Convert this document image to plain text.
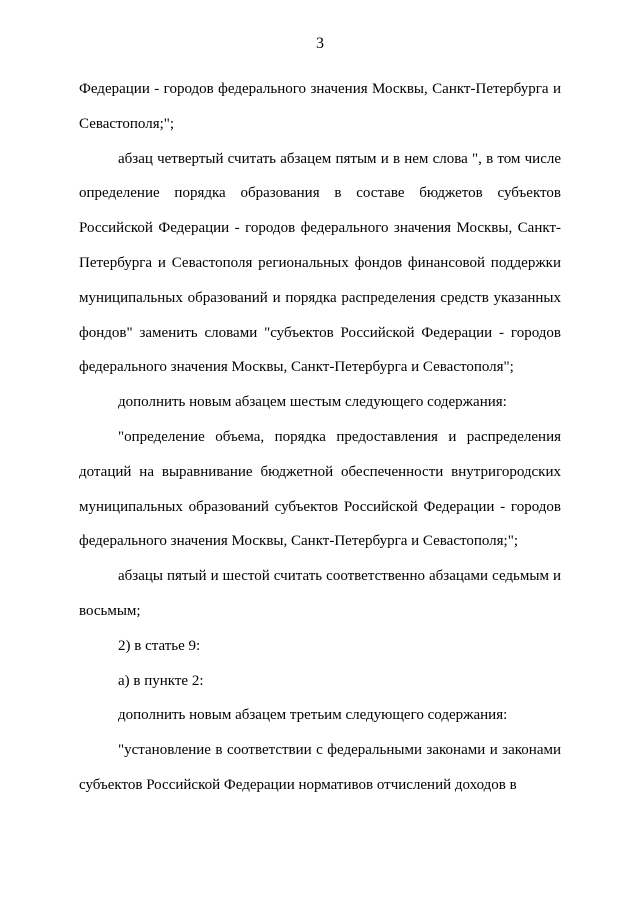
3

Федерации - городов федерального значения Москвы, Санкт-Петербурга и Севастополя;";

абзац четвертый считать абзацем пятым и в нем слова ", в том числе определение порядка образования в составе бюджетов субъектов Российской Федерации - городов федерального значения Москвы, Санкт-Петербурга и Севастополя региональных фондов финансовой поддержки муниципальных образований и порядка распределения средств указанных фондов" заменить словами "субъектов Российской Федерации - городов федерального значения Москвы, Санкт-Петербурга и Севастополя";

дополнить новым абзацем шестым следующего содержания:

"определение объема, порядка предоставления и распределения дотаций на выравнивание бюджетной обеспеченности внутригородских муниципальных образований субъектов Российской Федерации - городов федерального значения Москвы, Санкт-Петербурга и Севастополя;";

абзацы пятый и шестой считать соответственно абзацами седьмым и восьмым;

2) в статье 9:

а) в пункте 2:

дополнить новым абзацем третьим следующего содержания:

"установление в соответствии с федеральными законами и законами субъектов Российской Федерации нормативов отчислений доходов в
